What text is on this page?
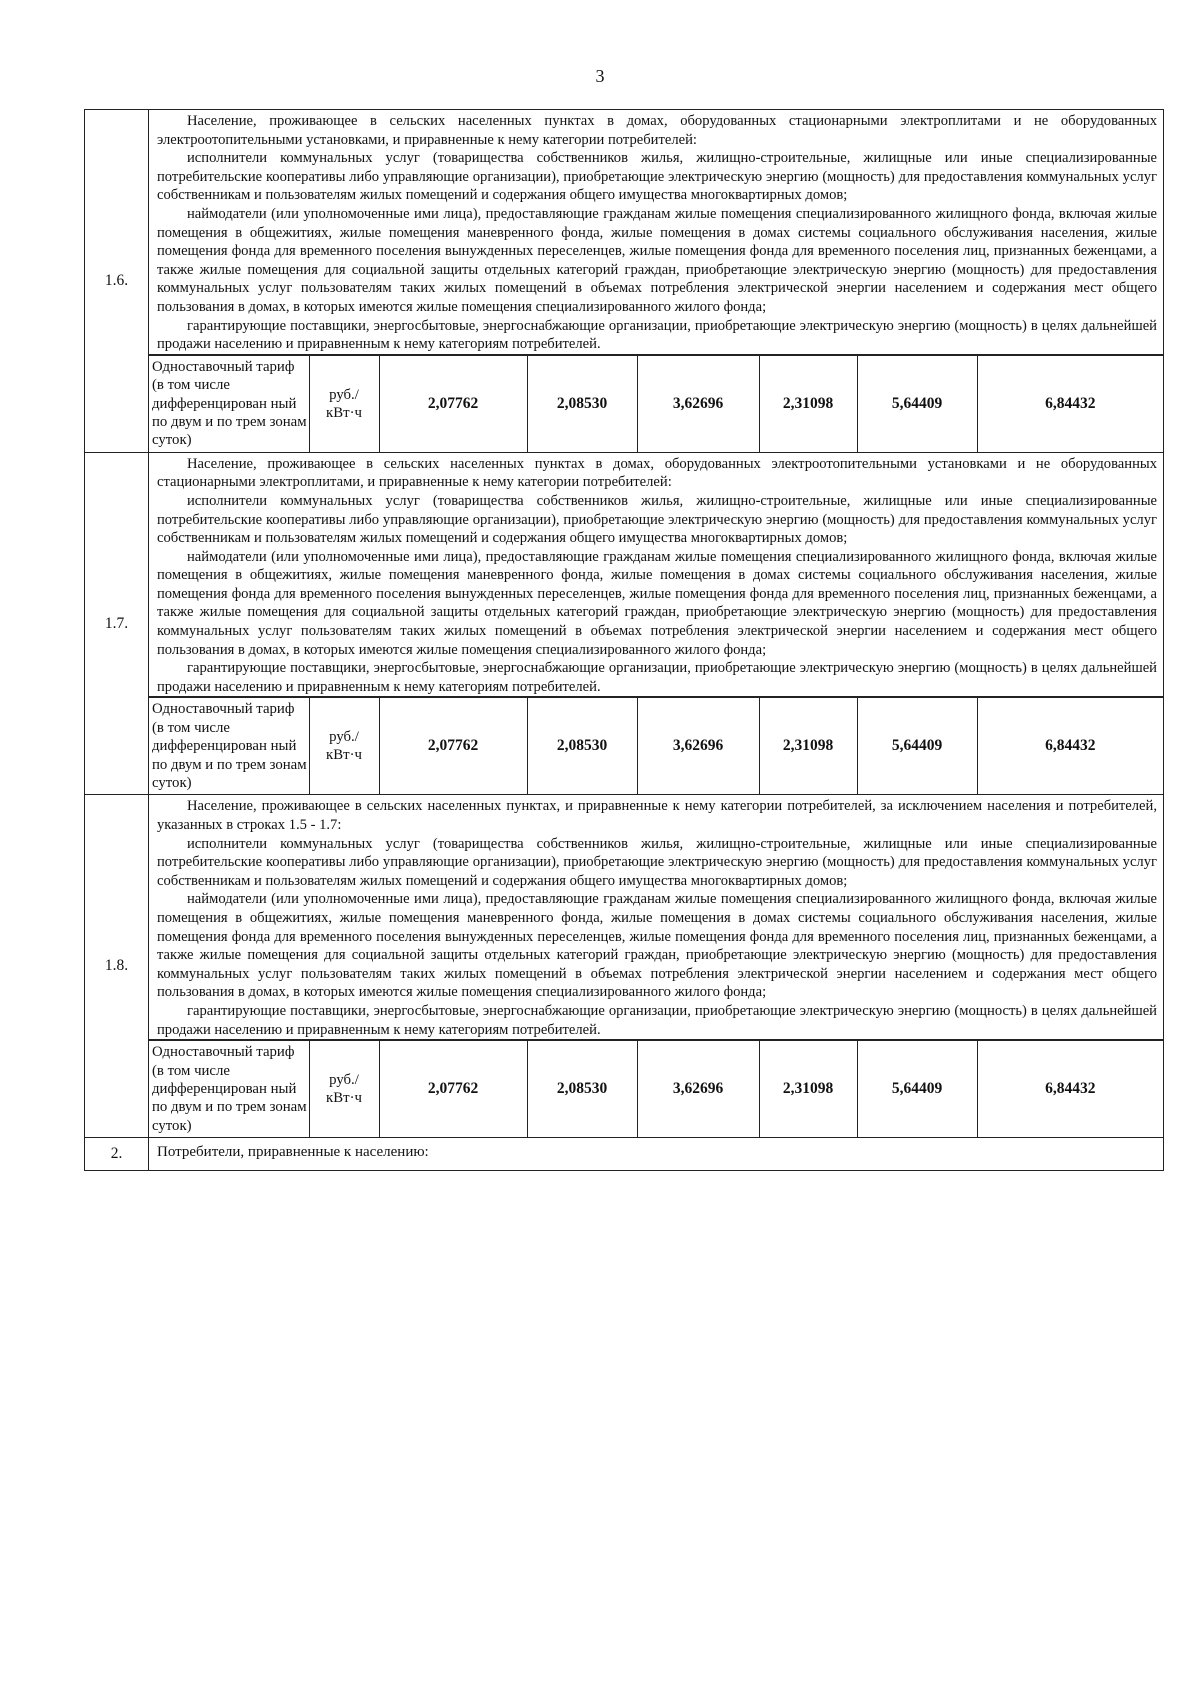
3
1.6.	

Население, проживающее в сельских населенных пунктах в домах, оборудованных стационарными электроплитами и не оборудованных электроотопительными установками, и приравненные к нему категории потребителей:

исполнители коммунальных услуг (товарищества собственников жилья, жилищно-строительные, жилищные или иные специализированные потребительские кооперативы либо управляющие организации), приобретающие электрическую энергию (мощность) для предоставления коммунальных услуг собственникам и пользователям жилых помещений и содержания общего имущества многоквартирных домов;

наймодатели (или уполномоченные ими лица), предоставляющие гражданам жилые помещения специализированного жилищного фонда, включая жилые помещения в общежитиях, жилые помещения маневренного фонда, жилые помещения в домах системы социального обслуживания населения, жилые помещения фонда для временного поселения вынужденных переселенцев, жилые помещения фонда для временного поселения лиц, признанных беженцами, а также жилые помещения для социальной защиты отдельных категорий граждан, приобретающие электрическую энергию (мощность) для предоставления коммунальных услуг пользователям таких жилых помещений в объемах потребления электрической энергии населением и содержания мест общего пользования в домах, в которых имеются жилые помещения специализированного жилого фонда;

гарантирующие поставщики, энергосбытовые, энергоснабжающие организации, приобретающие электрическую энергию (мощность) в целях дальнейшей продажи населению и приравненным к нему категориям потребителей.

Одноставочный тариф (в том числе дифференцирован ный по двум и по трем зонам суток)	руб./ кВт·ч	2,07762	2,08530	3,62696	2,31098	5,64409	6,84432

1.7.	

Население, проживающее в сельских населенных пунктах в домах, оборудованных электроотопительными установками и не оборудованных стационарными электроплитами, и приравненные к нему категории потребителей:

исполнители коммунальных услуг (товарищества собственников жилья, жилищно-строительные, жилищные или иные специализированные потребительские кооперативы либо управляющие организации), приобретающие электрическую энергию (мощность) для предоставления коммунальных услуг собственникам и пользователям жилых помещений и содержания общего имущества многоквартирных домов;

наймодатели (или уполномоченные ими лица), предоставляющие гражданам жилые помещения специализированного жилищного фонда, включая жилые помещения в общежитиях, жилые помещения маневренного фонда, жилые помещения в домах системы социального обслуживания населения, жилые помещения фонда для временного поселения вынужденных переселенцев, жилые помещения фонда для временного поселения лиц, признанных беженцами, а также жилые помещения для социальной защиты отдельных категорий граждан, приобретающие электрическую энергию (мощность) для предоставления коммунальных услуг пользователям таких жилых помещений в объемах потребления электрической энергии населением и содержания мест общего пользования в домах, в которых имеются жилые помещения специализированного жилого фонда;

гарантирующие поставщики, энергосбытовые, энергоснабжающие организации, приобретающие электрическую энергию (мощность) в целях дальнейшей продажи населению и приравненным к нему категориям потребителей.

Одноставочный тариф (в том числе дифференцирован ный по двум и по трем зонам суток)	руб./ кВт·ч	2,07762	2,08530	3,62696	2,31098	5,64409	6,84432

1.8.	

Население, проживающее в сельских населенных пунктах, и приравненные к нему категории потребителей, за исключением населения и потребителей, указанных в строках 1.5 - 1.7:

исполнители коммунальных услуг (товарищества собственников жилья, жилищно-строительные, жилищные или иные специализированные потребительские кооперативы либо управляющие организации), приобретающие электрическую энергию (мощность) для предоставления коммунальных услуг собственникам и пользователям жилых помещений и содержания общего имущества многоквартирных домов;

наймодатели (или уполномоченные ими лица), предоставляющие гражданам жилые помещения специализированного жилищного фонда, включая жилые помещения в общежитиях, жилые помещения маневренного фонда, жилые помещения в домах системы социального обслуживания населения, жилые помещения фонда для временного поселения вынужденных переселенцев, жилые помещения фонда для временного поселения лиц, признанных беженцами, а также жилые помещения для социальной защиты отдельных категорий граждан, приобретающие электрическую энергию (мощность) для предоставления коммунальных услуг пользователям таких жилых помещений в объемах потребления электрической энергии населением и содержания мест общего пользования в домах, в которых имеются жилые помещения специализированного жилого фонда;

гарантирующие поставщики, энергосбытовые, энергоснабжающие организации, приобретающие электрическую энергию (мощность) в целях дальнейшей продажи населению и приравненным к нему категориям потребителей.

Одноставочный тариф (в том числе дифференцирован ный по двум и по трем зонам суток)	руб./ кВт·ч	2,07762	2,08530	3,62696	2,31098	5,64409	6,84432

2.	Потребители, приравненные к населению:
